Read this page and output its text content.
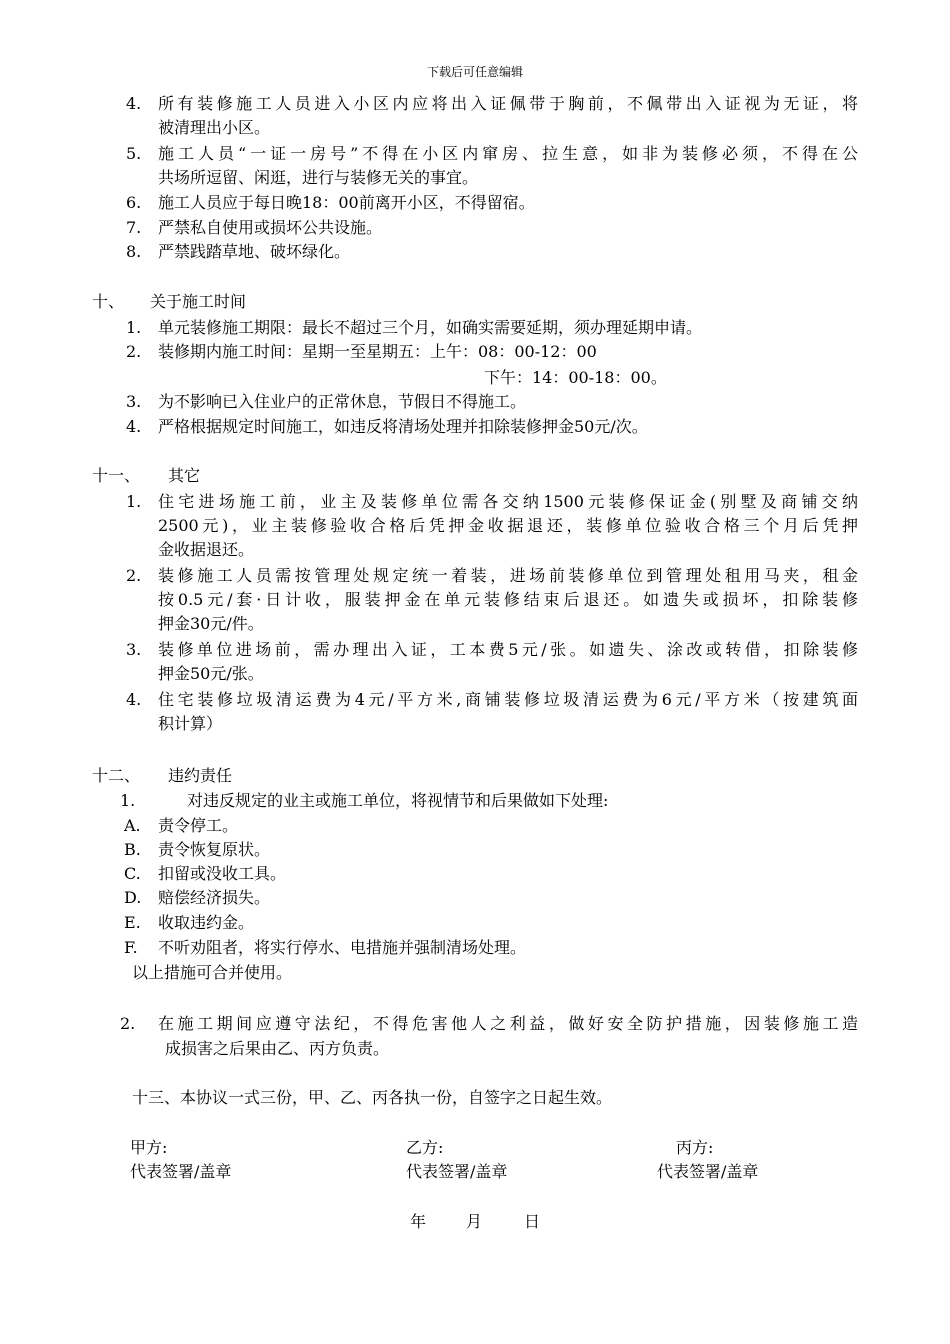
下载后可任意编辑
4. 所有装修施工人员进入小区内应将出入证佩带于胸前，不佩带出入证视为无证，将
被清理出小区。
5. 施工人员“一证一房号”不得在小区内窜房、拉生意，如非为装修必须，不得在公
共场所逗留、闲逛，进行与装修无关的事宜。
6. 施工人员应于每日晚18：00前离开小区，不得留宿。
7. 严禁私自使用或损坏公共设施。
8. 严禁践踏草地、破坏绿化。
十、 关于施工时间
1. 单元装修施工期限：最长不超过三个月，如确实需要延期，须办理延期申请。
2. 装修期内施工时间：星期一至星期五：上午：08：00-12：00
下午：14：00-18：00。
3. 为不影响已入住业户的正常休息，节假日不得施工。
4. 严格根据规定时间施工，如违反将清场处理并扣除装修押金50元/次。
十一、 其它
1. 住宅进场施工前，业主及装修单位需各交纳1500元装修保证金(别墅及商铺交纳
2500元)，业主装修验收合格后凭押金收据退还，装修单位验收合格三个月后凭押
金收据退还。
2. 装修施工人员需按管理处规定统一着装，进场前装修单位到管理处租用马夹，租金
按0.5元/套·日计收，服装押金在单元装修结束后退还。如遗失或损坏，扣除装修
押金30元/件。
3. 装修单位进场前，需办理出入证，工本费5元/张。如遗失、涂改或转借，扣除装修
押金50元/张。
4. 住宅装修垃圾清运费为4元/平方米,商铺装修垃圾清运费为6元/平方米（按建筑面
积计算）
十二、 违约责任
1.	对违反规定的业主或施工单位，将视情节和后果做如下处理:
A. 责令停工。
B. 责令恢复原状。
C. 扣留或没收工具。
D. 赔偿经济损失。
E. 收取违约金。
F. 不听劝阻者，将实行停水、电措施并强制清场处理。
以上措施可合并使用。
2. 在施工期间应遵守法纪，不得危害他人之利益，做好安全防护措施，因装修施工造
成损害之后果由乙、丙方负责。
十三、本协议一式三份，甲、乙、丙各执一份，自签字之日起生效。
甲方:
代表签署/盖章
乙方:
代表签署/盖章
丙方:
代表签署/盖章
年 月	日
